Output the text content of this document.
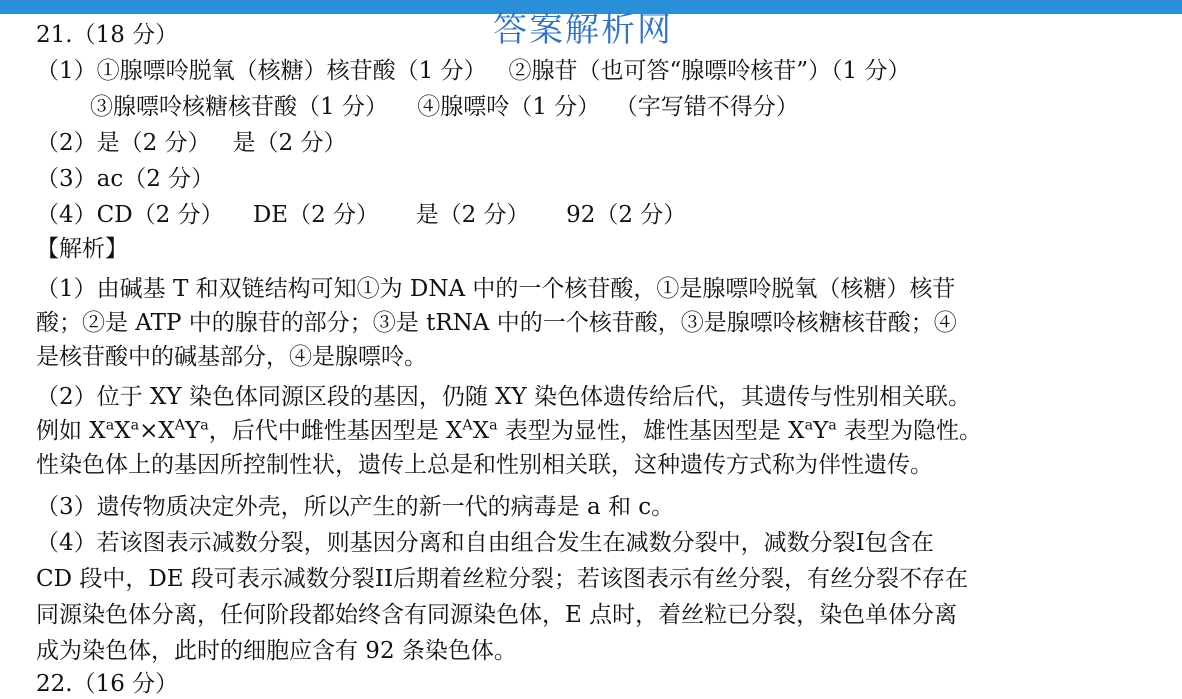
答案解析网
21.（18 分）
（1）①腺嘌呤脱氧（核糖）核苷酸（1 分）   ②腺苷（也可答“腺嘌呤核苷”）（1 分）
③腺嘌呤核糖核苷酸（1 分）    ④腺嘌呤（1 分）  （字写错不得分）
（2）是（2 分）   是（2 分）
（3）ac（2 分）
（4）CD（2 分）    DE（2 分）     是（2 分）     92（2 分）
【解析】
（1）由碱基 T 和双链结构可知①为 DNA 中的一个核苷酸，①是腺嘌呤脱氧（核糖）核苷
酸；②是 ATP 中的腺苷的部分；③是 tRNA 中的一个核苷酸，③是腺嘌呤核糖核苷酸；④
是核苷酸中的碱基部分，④是腺嘌呤。
（2）位于 XY 染色体同源区段的基因，仍随 XY 染色体遗传给后代，其遗传与性别相关联。
例如 $X^aX^a\times X^AY^a$，后代中雌性基因型是 $X^AX^a$ 表型为显性，雄性基因型是 $X^aY^a$ 表型为隐性。
性染色体上的基因所控制性状，遗传上总是和性别相关联，这种遗传方式称为伴性遗传。
（3）遗传物质决定外壳，所以产生的新一代的病毒是 a 和 c。
（4）若该图表示减数分裂，则基因分离和自由组合发生在减数分裂中，减数分裂I包含在
CD 段中，DE 段可表示减数分裂II后期着丝粒分裂；若该图表示有丝分裂，有丝分裂不存在
同源染色体分离，任何阶段都始终含有同源染色体，E 点时，着丝粒已分裂，染色单体分离
成为染色体，此时的细胞应含有 92 条染色体。
22.（16 分）
